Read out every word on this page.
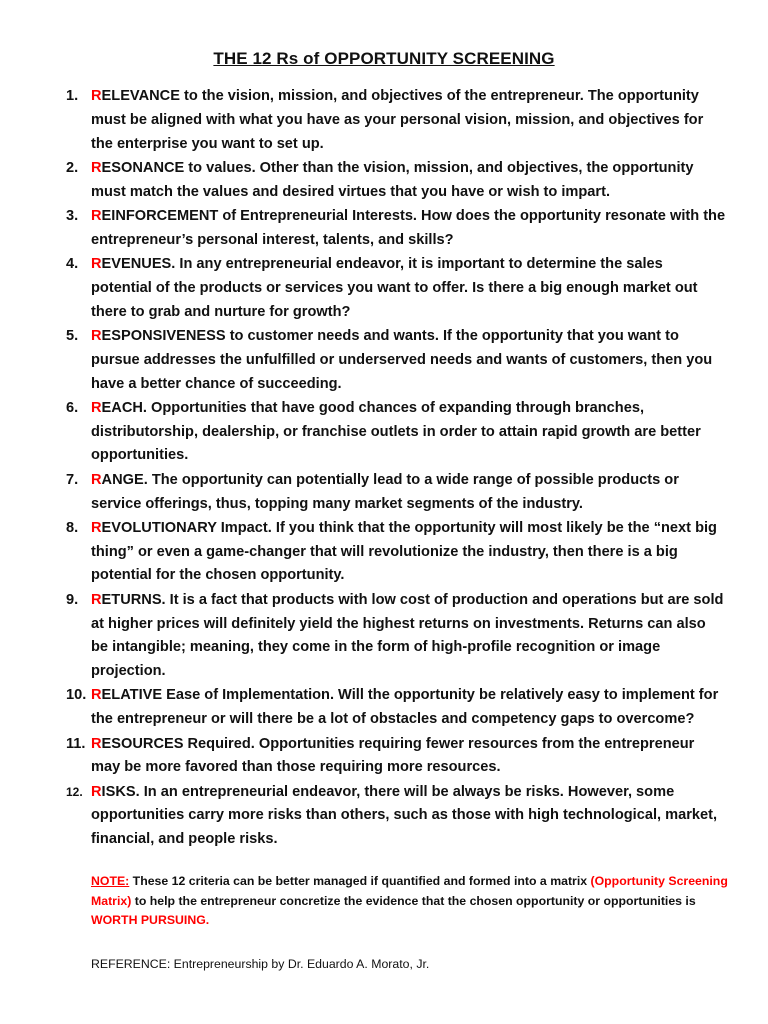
THE 12 Rs of OPPORTUNITY SCREENING
1. RELEVANCE to the vision, mission, and objectives of the entrepreneur. The opportunity must be aligned with what you have as your personal vision, mission, and objectives for the enterprise you want to set up.
2. RESONANCE to values. Other than the vision, mission, and objectives, the opportunity must match the values and desired virtues that you have or wish to impart.
3. REINFORCEMENT of Entrepreneurial Interests. How does the opportunity resonate with the entrepreneur’s personal interest, talents, and skills?
4. REVENUES. In any entrepreneurial endeavor, it is important to determine the sales potential of the products or services you want to offer. Is there a big enough market out there to grab and nurture for growth?
5. RESPONSIVENESS to customer needs and wants. If the opportunity that you want to pursue addresses the unfulfilled or underserved needs and wants of customers, then you have a better chance of succeeding.
6. REACH. Opportunities that have good chances of expanding through branches, distributorship, dealership, or franchise outlets in order to attain rapid growth are better opportunities.
7. RANGE. The opportunity can potentially lead to a wide range of possible products or service offerings, thus, topping many market segments of the industry.
8. REVOLUTIONARY Impact. If you think that the opportunity will most likely be the “next big thing” or even a game-changer that will revolutionize the industry, then there is a big potential for the chosen opportunity.
9. RETURNS. It is a fact that products with low cost of production and operations but are sold at higher prices will definitely yield the highest returns on investments. Returns can also be intangible; meaning, they come in the form of high-profile recognition or image projection.
10. RELATIVE Ease of Implementation. Will the opportunity be relatively easy to implement for the entrepreneur or will there be a lot of obstacles and competency gaps to overcome?
11. RESOURCES Required. Opportunities requiring fewer resources from the entrepreneur may be more favored than those requiring more resources.
12. RISKS. In an entrepreneurial endeavor, there will be always be risks. However, some opportunities carry more risks than others, such as those with high technological, market, financial, and people risks.
NOTE: These 12 criteria can be better managed if quantified and formed into a matrix (Opportunity Screening Matrix) to help the entrepreneur concretize the evidence that the chosen opportunity or opportunities is WORTH PURSUING.
REFERENCE: Entrepreneurship by Dr. Eduardo A. Morato, Jr.
